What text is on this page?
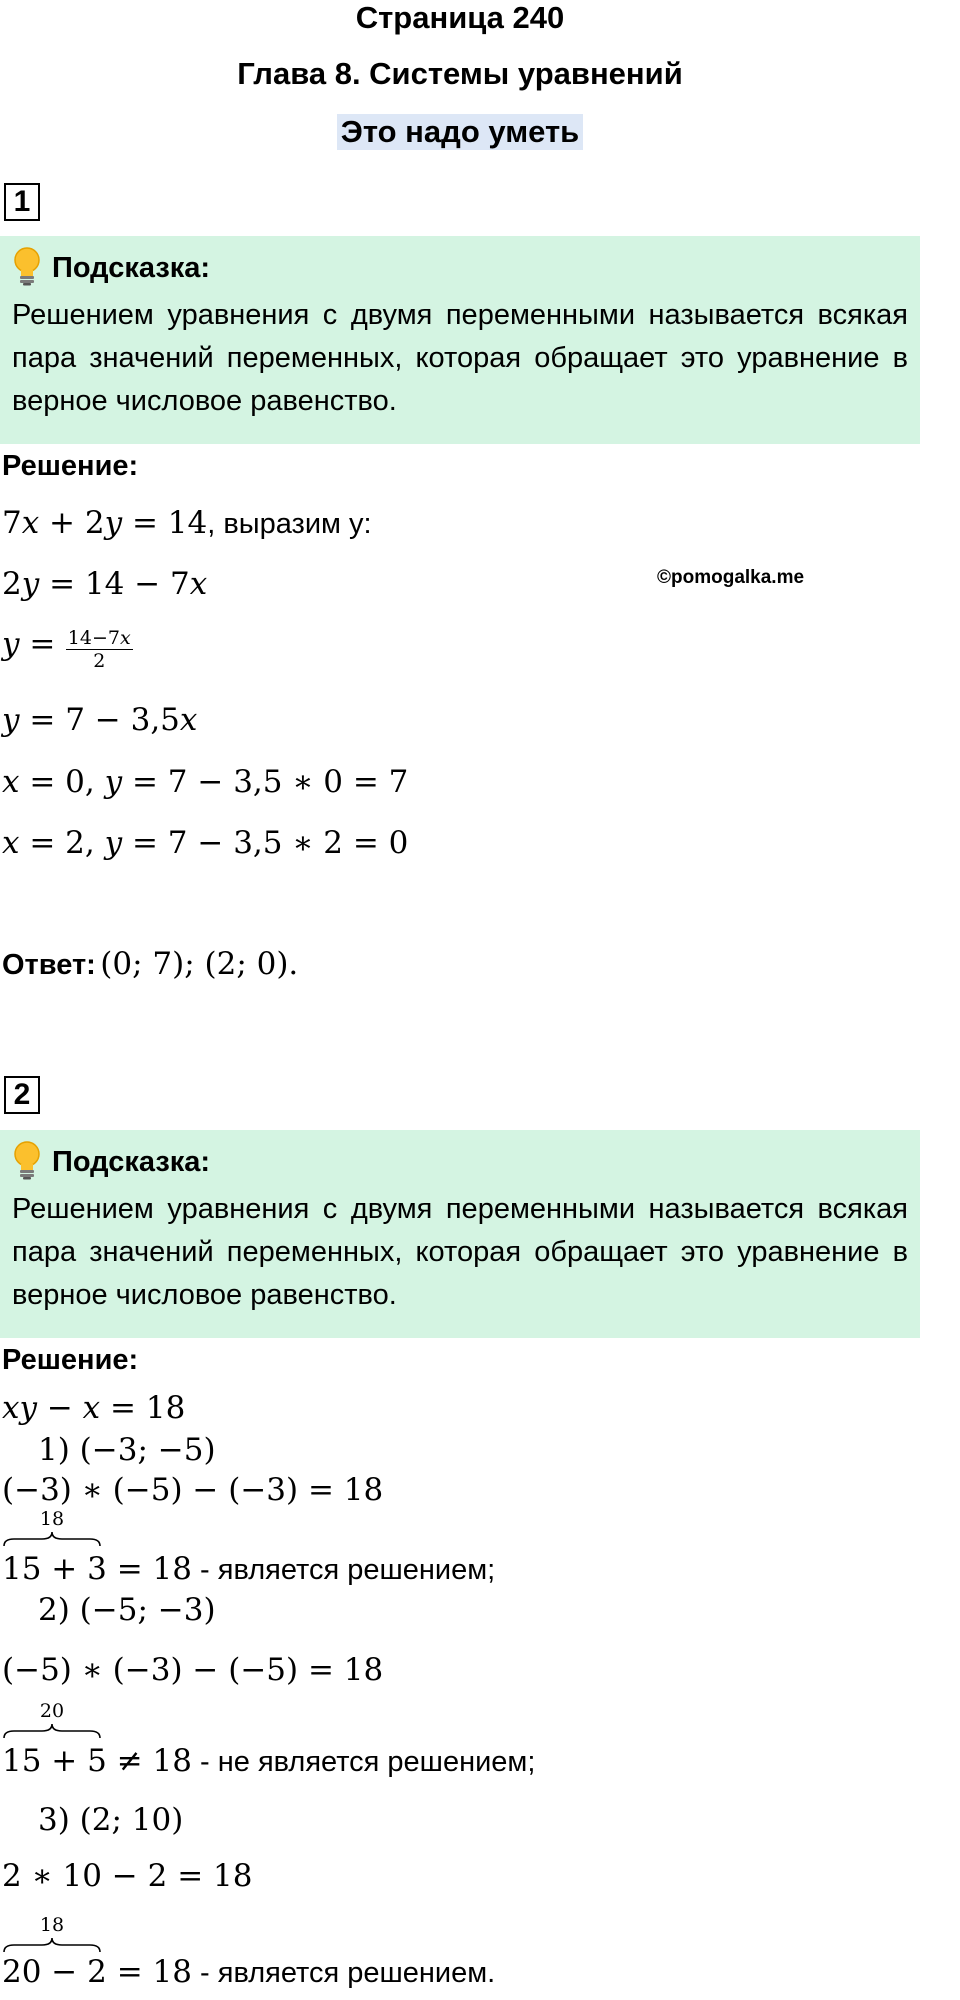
Страница 240
Глава 8. Системы уравнений
Это надо уметь
1
Подсказка:
Решением уравнения с двумя переменными называется всякая пара значений переменных, которая обращает это уравнение в верное числовое равенство.
Решение:
7𝑥 + 2𝑦 = 14, выразим y:
2𝑦 = 14 − 7𝑥	©pomogalka.me
𝑦 = $\frac{\text{14−7𝑥}}{2}$
𝑦 = 7 − 3,5𝑥
𝑥 = 0, 𝑦 = 7 − 3,5 ∗ 0 = 7
𝑥 = 2, 𝑦 = 7 − 3,5 ∗ 2 = 0
Ответ: (0; 7); (2; 0).
2
Подсказка:
Решением уравнения с двумя переменными называется всякая пара значений переменных, которая обращает это уравнение в верное числовое равенство.
Решение:
𝑥𝑦 − 𝑥 = 18
1) (−3; −5)
(−3) ∗ (−5) − (−3) = 18
18
15 + 3 = 18 - является решением;
2) (−5; −3)
(−5) ∗ (−3) − (−5) = 18
20
15 + 5 ≠ 18 - не является решением;
3) (2; 10)
2 ∗ 10 − 2 = 18
18
20 − 2 = 18 - является решением.
